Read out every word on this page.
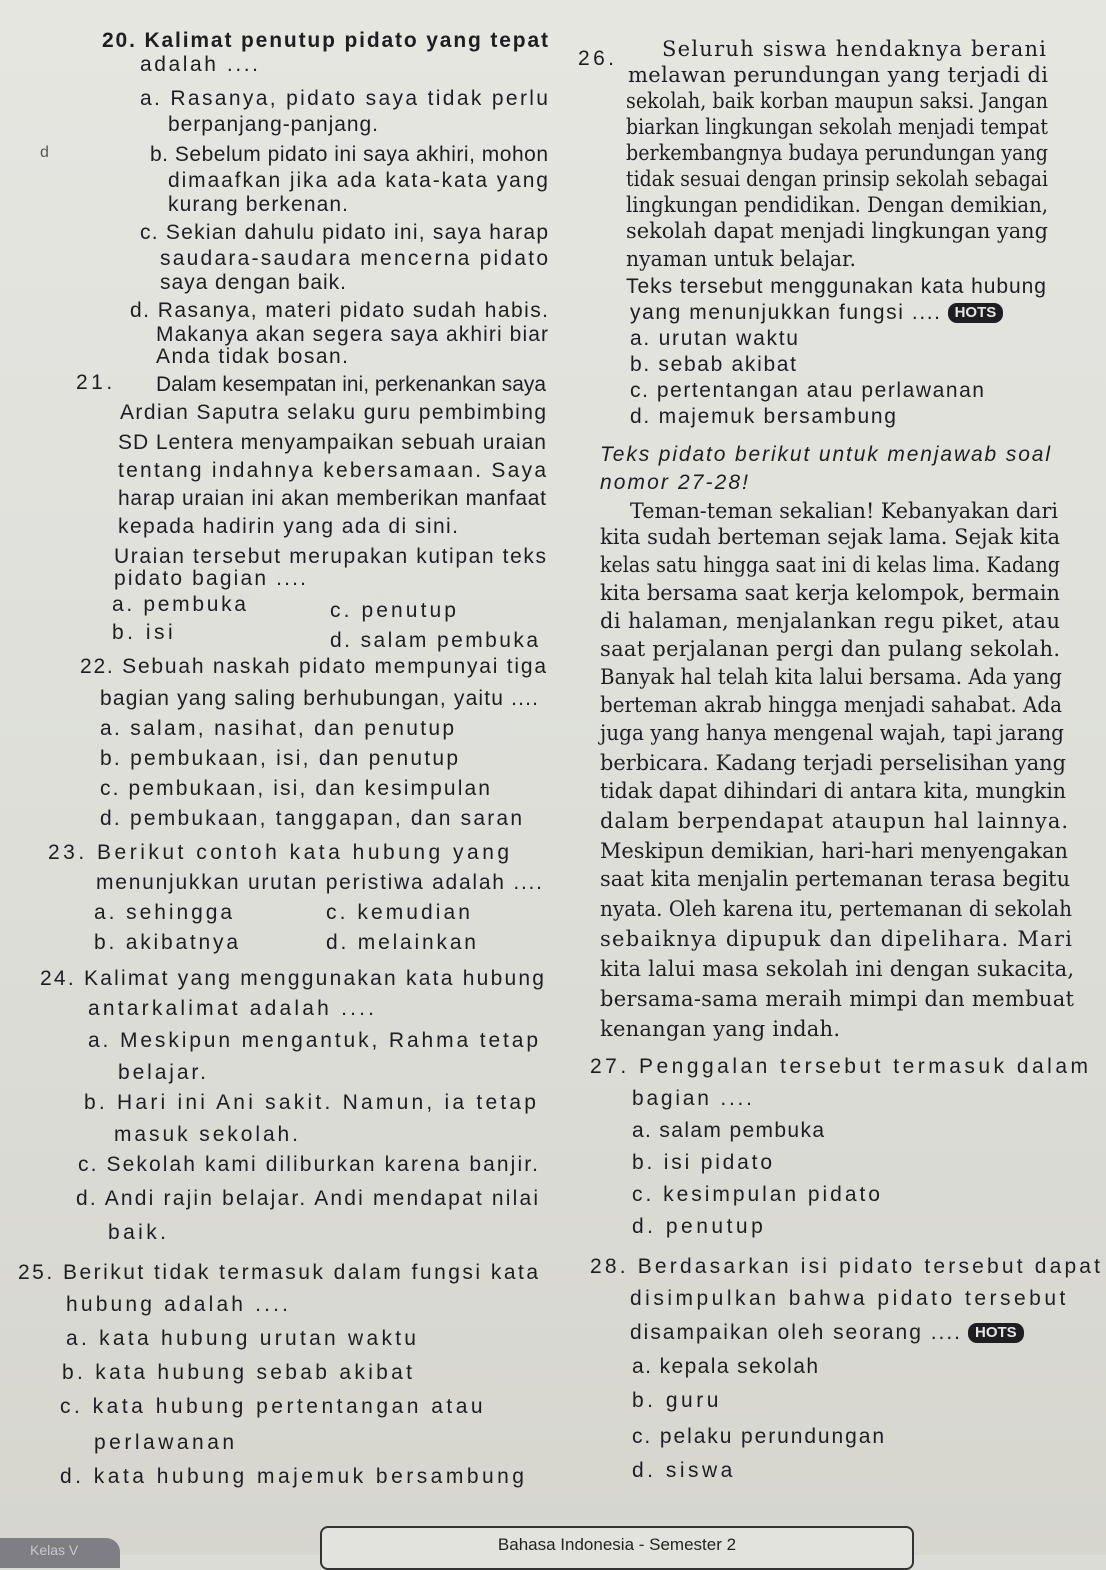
d
Kelas V	Bahasa Indonesia - Semester 2
20. Kalimat penutup pidato yang tepat
adalah ....
a. Rasanya, pidato saya tidak perlu
berpanjang-panjang.
b. Sebelum pidato ini saya akhiri, mohon
dimaafkan jika ada kata-kata yang
kurang berkenan.
c. Sekian dahulu pidato ini, saya harap
saudara-saudara mencerna pidato
saya dengan baik.
d. Rasanya, materi pidato sudah habis.
Makanya akan segera saya akhiri biar
Anda tidak bosan.
21. Dalam kesempatan ini, perkenankan saya
Ardian Saputra selaku guru pembimbing
SD Lentera menyampaikan sebuah uraian
tentang indahnya kebersamaan. Saya
harap uraian ini akan memberikan manfaat
kepada hadirin yang ada di sini.
Uraian tersebut merupakan kutipan teks
pidato bagian ....
a. pembuka	c. penutup
b. isi	d. salam pembuka
22. Sebuah naskah pidato mempunyai tiga
bagian yang saling berhubungan, yaitu ....
a. salam, nasihat, dan penutup
b. pembukaan, isi, dan penutup
c. pembukaan, isi, dan kesimpulan
d. pembukaan, tanggapan, dan saran
23. Berikut contoh kata hubung yang
menunjukkan urutan peristiwa adalah ....
a. sehingga	c. kemudian
b. akibatnya	d. melainkan
24. Kalimat yang menggunakan kata hubung
antarkalimat adalah ....
a. Meskipun mengantuk, Rahma tetap
belajar.
b. Hari ini Ani sakit. Namun, ia tetap
masuk sekolah.
c. Sekolah kami diliburkan karena banjir.
d. Andi rajin belajar. Andi mendapat nilai
baik.
25. Berikut tidak termasuk dalam fungsi kata
hubung adalah ....
a. kata hubung urutan waktu
b. kata hubung sebab akibat
c. kata hubung pertentangan atau
perlawanan
d. kata hubung majemuk bersambung
26. Seluruh siswa hendaknya berani
melawan perundungan yang terjadi di
sekolah, baik korban maupun saksi. Jangan
biarkan lingkungan sekolah menjadi tempat
berkembangnya budaya perundungan yang
tidak sesuai dengan prinsip sekolah sebagai
lingkungan pendidikan. Dengan demikian,
sekolah dapat menjadi lingkungan yang
nyaman untuk belajar.
Teks tersebut menggunakan kata hubung
yang menunjukkan fungsi .... HOTS
a. urutan waktu
b. sebab akibat
c. pertentangan atau perlawanan
d. majemuk bersambung
Teks pidato berikut untuk menjawab soal
nomor 27-28!
Teman-teman sekalian! Kebanyakan dari
kita sudah berteman sejak lama. Sejak kita
kelas satu hingga saat ini di kelas lima. Kadang
kita bersama saat kerja kelompok, bermain
di halaman, menjalankan regu piket, atau
saat perjalanan pergi dan pulang sekolah.
Banyak hal telah kita lalui bersama. Ada yang
berteman akrab hingga menjadi sahabat. Ada
juga yang hanya mengenal wajah, tapi jarang
berbicara. Kadang terjadi perselisihan yang
tidak dapat dihindari di antara kita, mungkin
dalam berpendapat ataupun hal lainnya.
Meskipun demikian, hari-hari menyengakan
saat kita menjalin pertemanan terasa begitu
nyata. Oleh karena itu, pertemanan di sekolah
sebaiknya dipupuk dan dipelihara. Mari
kita lalui masa sekolah ini dengan sukacita,
bersama-sama meraih mimpi dan membuat
kenangan yang indah.
27. Penggalan tersebut termasuk dalam
bagian ....
a. salam pembuka
b. isi pidato
c. kesimpulan pidato
d. penutup
28. Berdasarkan isi pidato tersebut dapat
disimpulkan bahwa pidato tersebut
disampaikan oleh seorang .... HOTS
a. kepala sekolah
b. guru
c. pelaku perundungan
d. siswa
